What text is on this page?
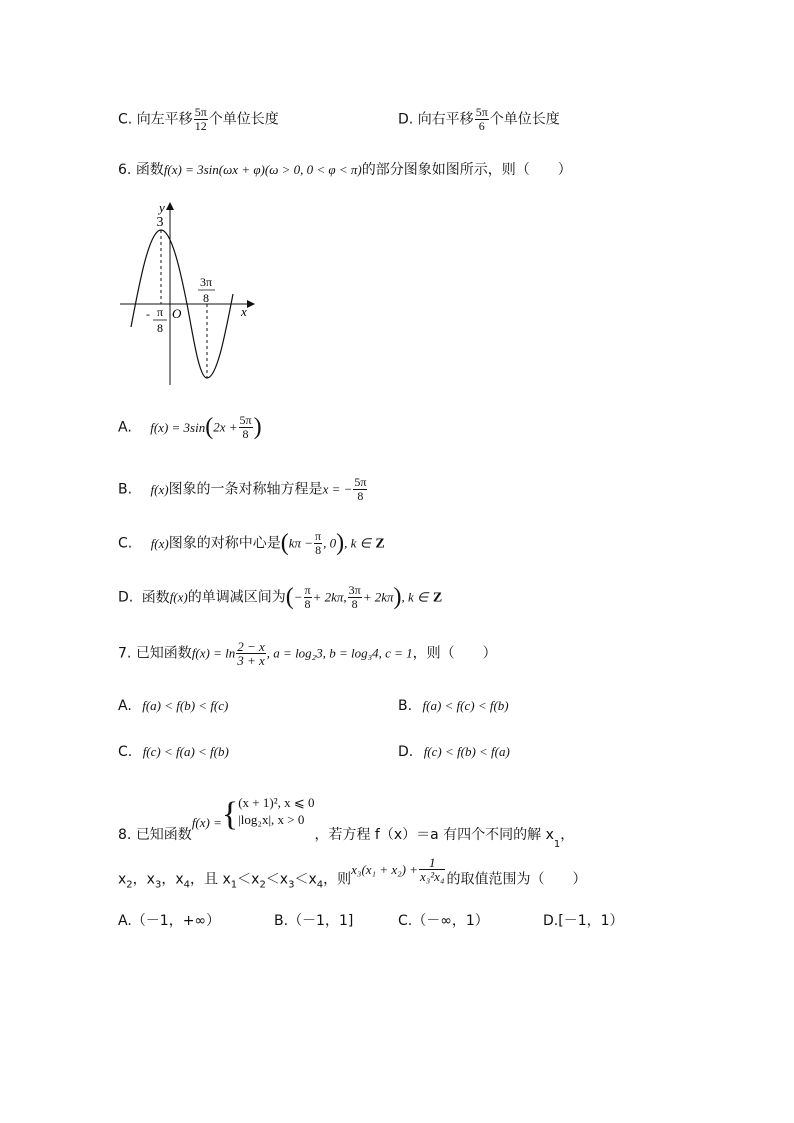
C. 向左平移 $\frac{5\pi}{12}$ 个单位长度	D. 向右平移 $\frac{5\pi}{6}$ 个单位长度
6. 函数f(x) = 3sin(ωx + φ)(ω > 0, 0 < φ < π)的部分图象如图所示，则（　　）
y
3
x
O
3π
8
- π
8
A. $f(x) = 3\sin(2x + \frac{5\pi}{8}$ )
B. f(x)图象的一条对称轴方程是x = − $\frac{5\pi}{8}$
C. f(x)图象的对称中心是($k\pi - \frac{\pi}{8}$ , 0), k ∈ Z
D. 函数f(x)的单调减区间为(− $\frac{\pi}{8} + 2k\pi$, $\frac{3\pi}{8} + 2k\pi$), k ∈ Z
7. 已知函数$f(x) = \ln \frac{2 - x}{3 + x}$ , a = log₂3, b = log₃4, c = 1，则（　　）
A. f(a) < f(b) < f(c)	B. f(a) < f(c) < f(b)
C. f(c) < f(a) < f(b)	D. f(c) < f(b) < f(a)
8. 已知函数f(x) ={ (x + 1)², x ⩽ 0
|log₂x|, x > 0
，若方程 f（x）＝a 有四个不同的解 $x_1$，
$x_2$，$x_3$，$x_4$，且 $x_1<x_2<x_3<x_4$，则$x_3(x_1 + x_2) + \frac{1}{\text{x₃²x₄}}$ 的取值范围为（　　）
A.（－1，+∞）	B.（－1，1]	C.（－∞，1）	D.[－1，1）
